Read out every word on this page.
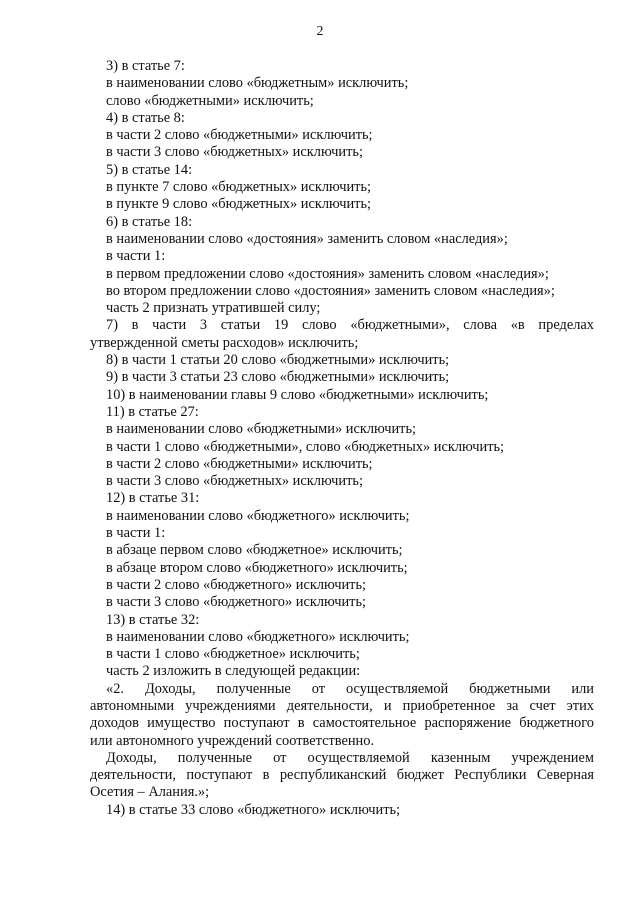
2

3) в статье 7:

в наименовании слово «бюджетным» исключить;

слово «бюджетными» исключить;

4) в статье 8:

в части 2 слово «бюджетными» исключить;

в части 3 слово «бюджетных» исключить;

5) в статье 14:

в пункте 7 слово «бюджетных» исключить;

в пункте 9 слово «бюджетных» исключить;

6) в статье 18:

в наименовании слово «достояния» заменить словом «наследия»;

в части 1:

в первом предложении слово «достояния» заменить словом «наследия»;

во втором предложении слово «достояния» заменить словом «наследия»;

часть 2 признать утратившей силу;

7) в части 3 статьи 19 слово «бюджетными», слова «в пределах
утвержденной сметы расходов» исключить;

8) в части 1 статьи 20 слово «бюджетными» исключить;

9) в части 3 статьи 23 слово «бюджетными» исключить;

10) в наименовании главы 9 слово «бюджетными» исключить;

11) в статье 27:

в наименовании слово «бюджетными» исключить;

в части 1 слово «бюджетными», слово «бюджетных» исключить;

в части 2 слово «бюджетными» исключить;

в части 3 слово «бюджетных» исключить;

12) в статье 31:

в наименовании слово «бюджетного» исключить;

в части 1:

в абзаце первом слово «бюджетное» исключить;

в абзаце втором слово «бюджетного» исключить;

в части 2 слово «бюджетного» исключить;

в части 3 слово «бюджетного» исключить;

13) в статье 32:

в наименовании слово «бюджетного» исключить;

в части 1 слово «бюджетное» исключить;

часть 2 изложить в следующей редакции:

«2. Доходы, полученные от осуществляемой бюджетными или
автономными учреждениями деятельности, и приобретенное за счет этих
доходов имущество поступают в самостоятельное распоряжение бюджетного
или автономного учреждений соответственно.
Доходы, полученные от осуществляемой казенным учреждением
деятельности, поступают в республиканский бюджет Республики Северная
Осетия – Алания.»;

14) в статье 33 слово «бюджетного» исключить;
